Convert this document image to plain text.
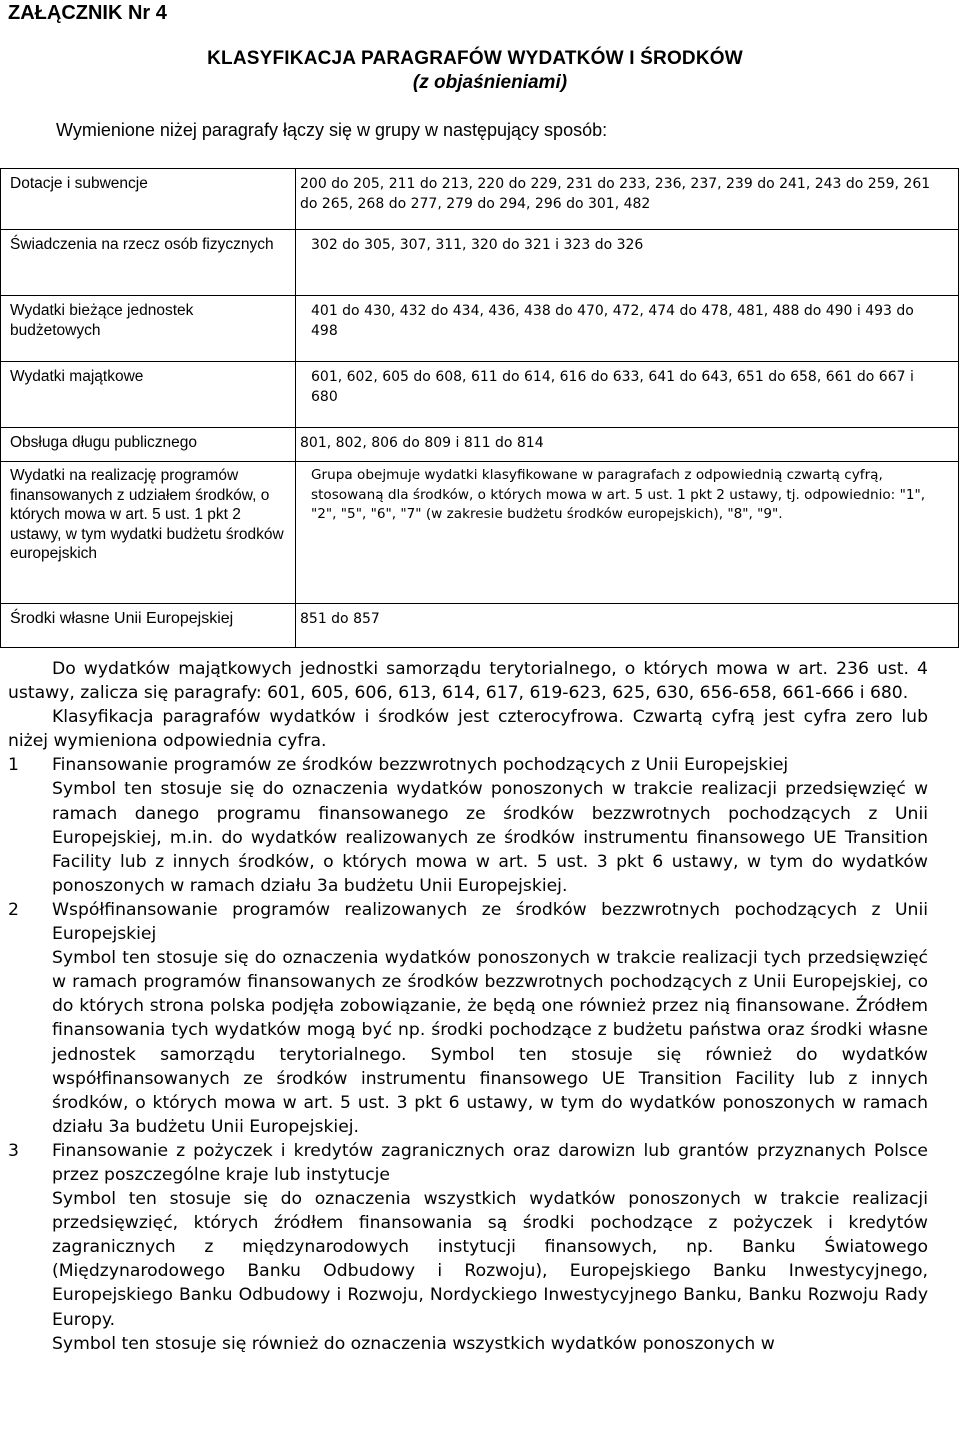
ZAŁĄCZNIK Nr 4
KLASYFIKACJA PARAGRAFÓW WYDATKÓW I ŚRODKÓW
(z objaśnieniami)
Wymienione niżej paragrafy łączy się w grupy w następujący sposób:
Dotacje i subwencje	200 do 205, 211 do 213, 220 do 229, 231 do 233, 236, 237, 239 do 241, 243 do 259, 261 do 265, 268 do 277, 279 do 294, 296 do 301, 482
Świadczenia na rzecz osób fizycznych	302 do 305, 307, 311, 320 do 321 i 323 do 326
Wydatki bieżące jednostek budżetowych	401 do 430, 432 do 434, 436, 438 do 470, 472, 474 do 478, 481, 488 do 490 i 493 do 498
Wydatki majątkowe	601, 602, 605 do 608, 611 do 614, 616 do 633, 641 do 643, 651 do 658, 661 do 667 i 680
Obsługa długu publicznego	801, 802, 806 do 809 i 811 do 814
Wydatki na realizację programów finansowanych z udziałem środków, o których mowa w art. 5 ust. 1 pkt 2 ustawy, w tym wydatki budżetu środków europejskich	Grupa obejmuje wydatki klasyfikowane w paragrafach z odpowiednią czwartą cyfrą, stosowaną dla środków, o których mowa w art. 5 ust. 1 pkt 2 ustawy, tj. odpowiednio: "1", "2", "5", "6", "7" (w zakresie budżetu środków europejskich), "8", "9".
Środki własne Unii Europejskiej	851 do 857

Do wydatków majątkowych jednostki samorządu terytorialnego, o których mowa w art. 236 ust. 4 ustawy, zalicza się paragrafy: 601, 605, 606, 613, 614, 617, 619-623, 625, 630, 656-658, 661-666 i 680.

Klasyfikacja paragrafów wydatków i środków jest czterocyfrowa. Czwartą cyfrą jest cyfra zero lub niżej wymieniona odpowiednia cyfra.

1	Finansowanie programów ze środków bezzwrotnych pochodzących z Unii Europejskiej

Symbol ten stosuje się do oznaczenia wydatków ponoszonych w trakcie realizacji przedsięwzięć w ramach danego programu finansowanego ze środków bezzwrotnych pochodzących z Unii Europejskiej, m.in. do wydatków realizowanych ze środków instrumentu finansowego UE Transition Facility lub z innych środków, o których mowa w art. 5 ust. 3 pkt 6 ustawy, w tym do wydatków ponoszonych w ramach działu 3a budżetu Unii Europejskiej.

2	Współfinansowanie programów realizowanych ze środków bezzwrotnych pochodzących z Unii Europejskiej

Symbol ten stosuje się do oznaczenia wydatków ponoszonych w trakcie realizacji tych przedsięwzięć w ramach programów finansowanych ze środków bezzwrotnych pochodzących z Unii Europejskiej, co do których strona polska podjęła zobowiązanie, że będą one również przez nią finansowane. Źródłem finansowania tych wydatków mogą być np. środki pochodzące z budżetu państwa oraz środki własne jednostek samorządu terytorialnego. Symbol ten stosuje się również do wydatków współfinansowanych ze środków instrumentu finansowego UE Transition Facility lub z innych środków, o których mowa w art. 5 ust. 3 pkt 6 ustawy, w tym do wydatków ponoszonych w ramach działu 3a budżetu Unii Europejskiej.

3	Finansowanie z pożyczek i kredytów zagranicznych oraz darowizn lub grantów przyznanych Polsce przez poszczególne kraje lub instytucje

Symbol ten stosuje się do oznaczenia wszystkich wydatków ponoszonych w trakcie realizacji przedsięwzięć, których źródłem finansowania są środki pochodzące z pożyczek i kredytów zagranicznych z międzynarodowych instytucji finansowych, np. Banku Światowego (Międzynarodowego Banku Odbudowy i Rozwoju), Europejskiego Banku Inwestycyjnego, Europejskiego Banku Odbudowy i Rozwoju, Nordyckiego Inwestycyjnego Banku, Banku Rozwoju Rady Europy.

Symbol ten stosuje się również do oznaczenia wszystkich wydatków ponoszonych w
